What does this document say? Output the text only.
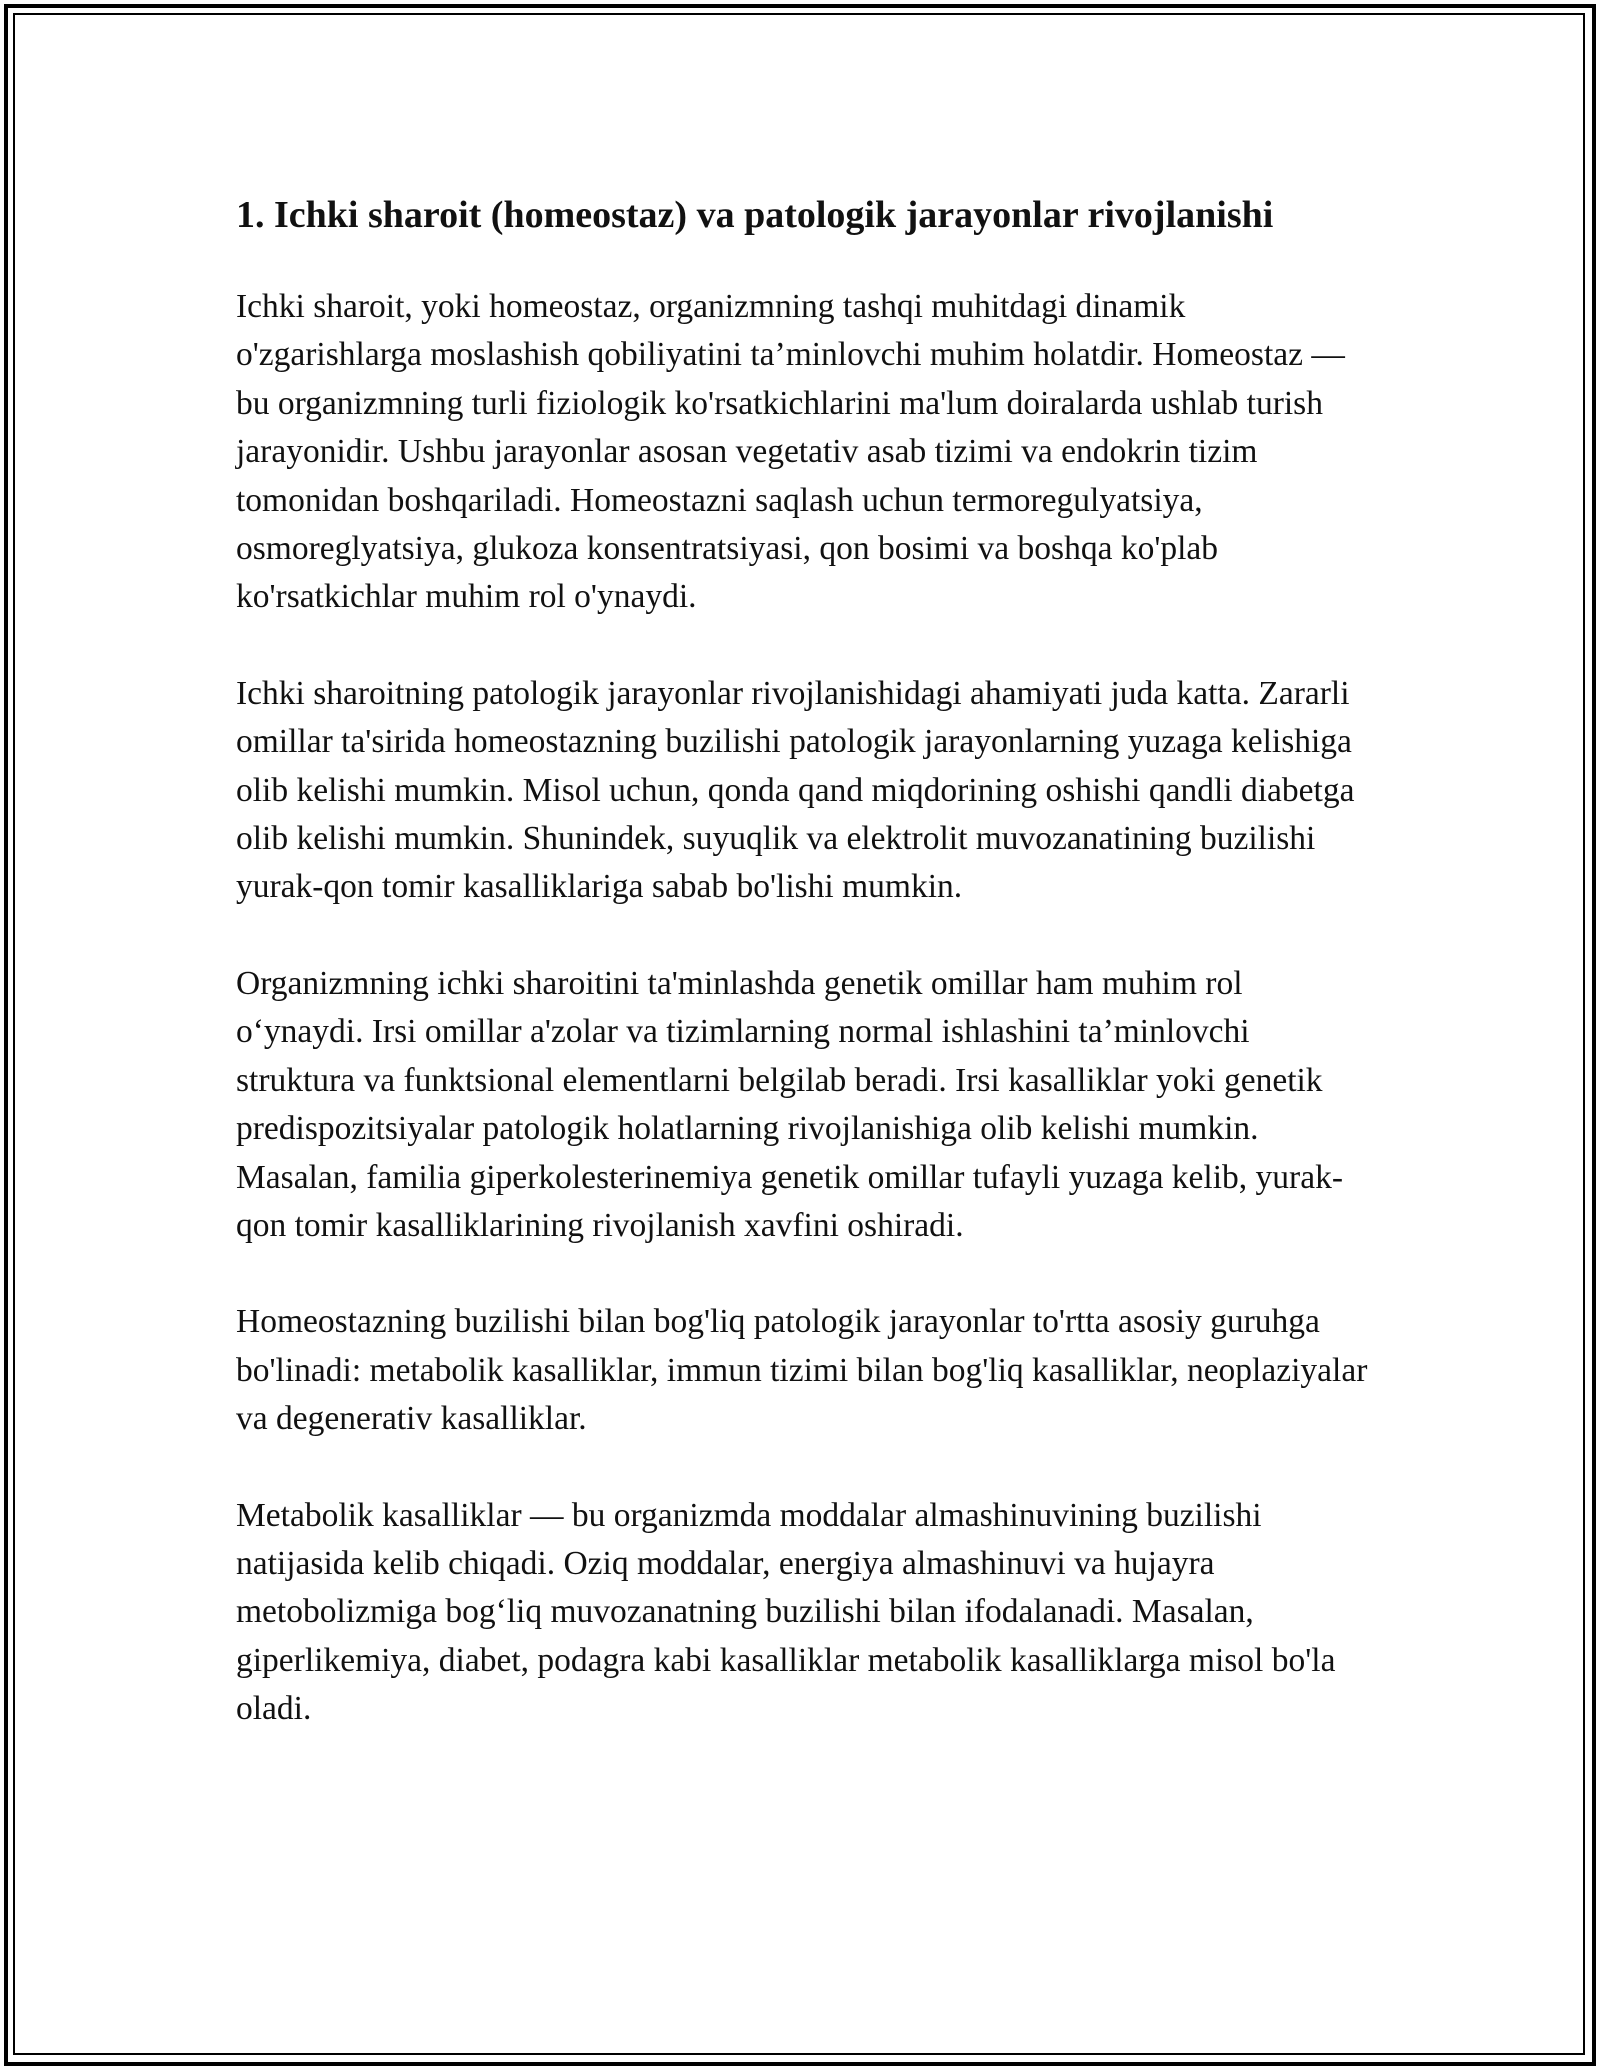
1. Ichki sharoit (homeostaz) va patologik jarayonlar rivojlanishi

Ichki sharoit, yoki homeostaz, organizmning tashqi muhitdagi dinamik o'zgarishlarga moslashish qobiliyatini ta’minlovchi muhim holatdir. Homeostaz — bu organizmning turli fiziologik ko'rsatkichlarini ma'lum doiralarda ushlab turish jarayonidir. Ushbu jarayonlar asosan vegetativ asab tizimi va endokrin tizim tomonidan boshqariladi. Homeostazni saqlash uchun termoregulyatsiya, osmoreglyatsiya, glukoza konsentratsiyasi, qon bosimi va boshqa ko'plab ko'rsatkichlar muhim rol o'ynaydi.

Ichki sharoitning patologik jarayonlar rivojlanishidagi ahamiyati juda katta. Zararli omillar ta'sirida homeostazning buzilishi patologik jarayonlarning yuzaga kelishiga olib kelishi mumkin. Misol uchun, qonda qand miqdorining oshishi qandli diabetga olib kelishi mumkin. Shunindek, suyuqlik va elektrolit muvozanatining buzilishi yurak-qon tomir kasalliklariga sabab bo'lishi mumkin.

Organizmning ichki sharoitini ta'minlashda genetik omillar ham muhim rol o‘ynaydi. Irsi omillar a'zolar va tizimlarning normal ishlashini ta’minlovchi struktura va funktsional elementlarni belgilab beradi. Irsi kasalliklar yoki genetik predispozitsiyalar patologik holatlarning rivojlanishiga olib kelishi mumkin. Masalan, familia giperkolesterinemiya genetik omillar tufayli yuzaga kelib, yurak-qon tomir kasalliklarining rivojlanish xavfini oshiradi.

Homeostazning buzilishi bilan bog'liq patologik jarayonlar to'rtta asosiy guruhga bo'linadi: metabolik kasalliklar, immun tizimi bilan bog'liq kasalliklar, neoplaziyalar va degenerativ kasalliklar.

Metabolik kasalliklar — bu organizmda moddalar almashinuvining buzilishi natijasida kelib chiqadi. Oziq moddalar, energiya almashinuvi va hujayra metobolizmiga bog‘liq muvozanatning buzilishi bilan ifodalanadi. Masalan, giperlikemiya, diabet, podagra kabi kasalliklar metabolik kasalliklarga misol bo'la oladi.
